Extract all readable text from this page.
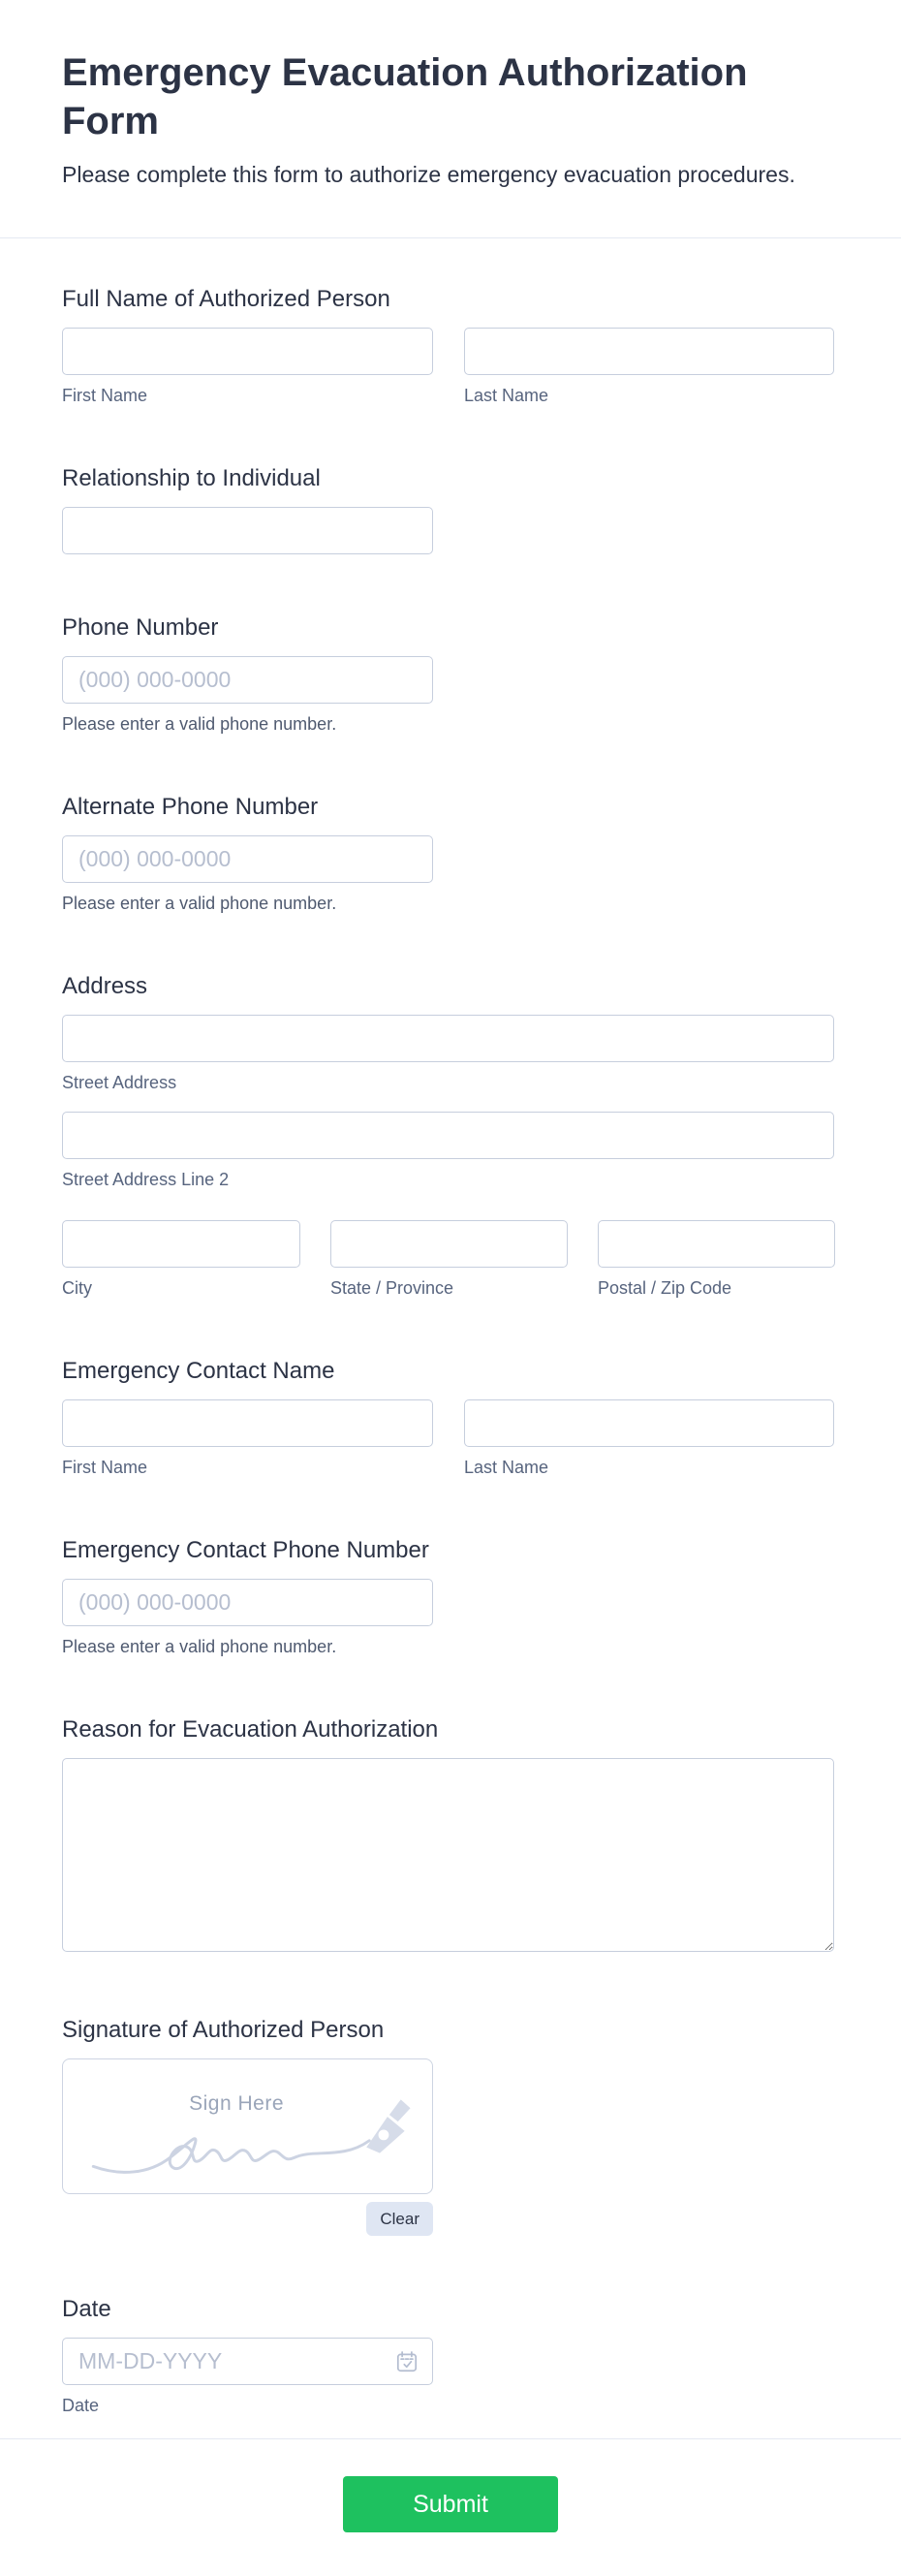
Emergency Evacuation Authorization Form

Please complete this form to authorize emergency evacuation procedures.

Full Name of Authorized Person
First Name	Last Name
Relationship to Individual
Phone Number
(000) 000-0000
Please enter a valid phone number.
Alternate Phone Number
(000) 000-0000
Please enter a valid phone number.
Address
Street Address
Street Address Line 2
City	State / Province	Postal / Zip Code
Emergency Contact Name
First Name	Last Name
Emergency Contact Phone Number
(000) 000-0000
Please enter a valid phone number.
Reason for Evacuation Authorization
Signature of Authorized Person
Sign Here
Clear
Date
MM-DD-YYYY
Date
Submit
